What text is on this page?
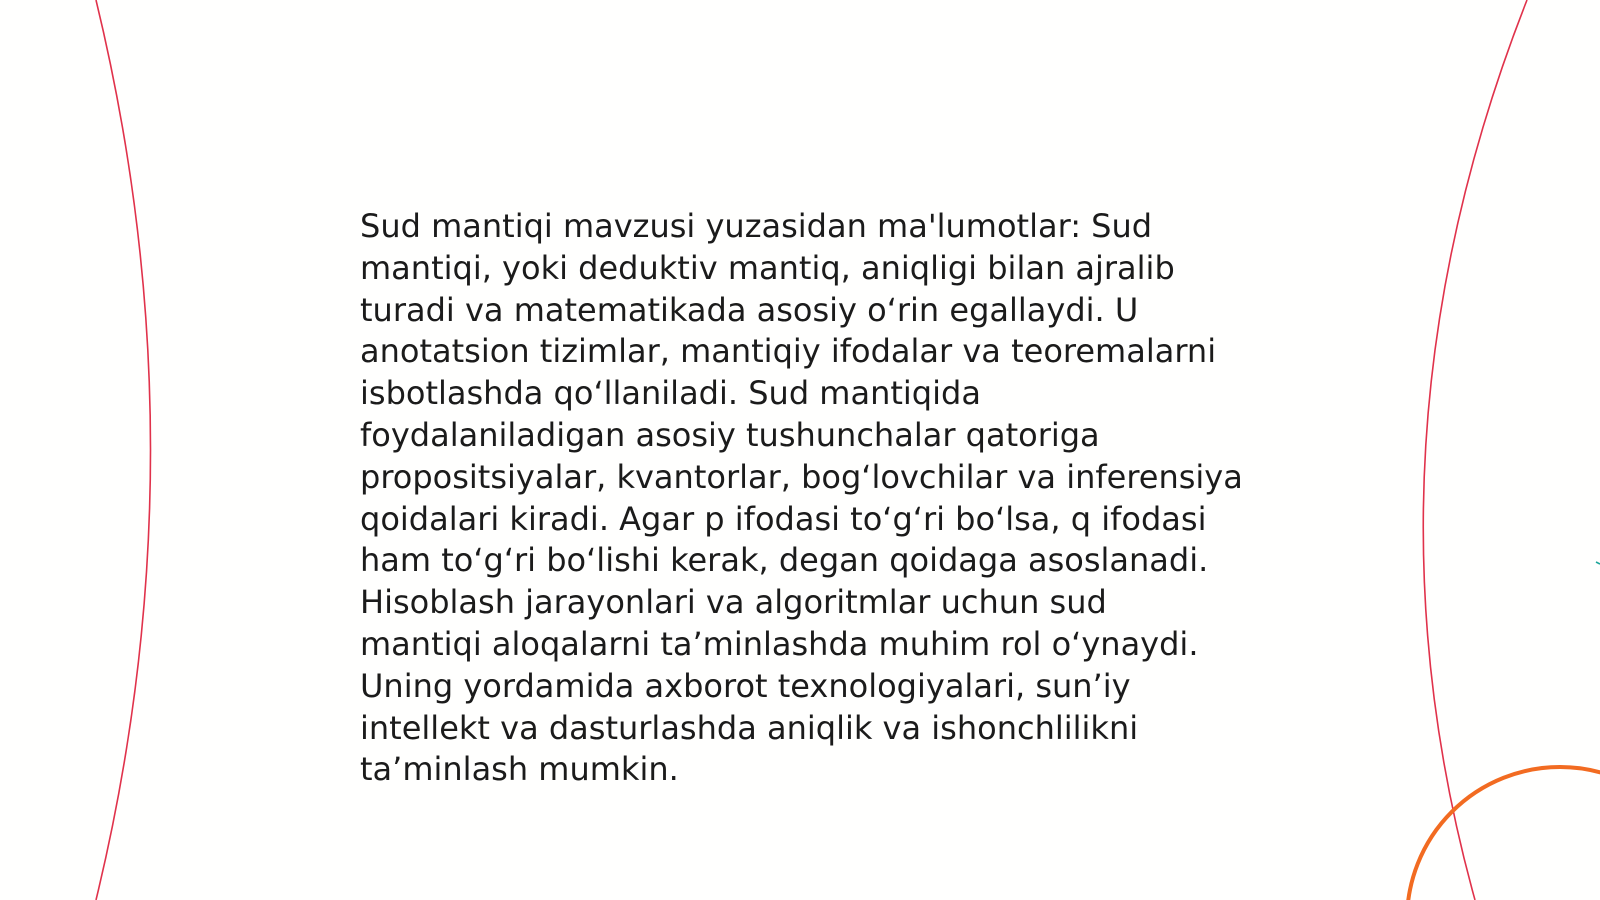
Sud mantiqi mavzusi yuzasidan ma'lumotlar: Sud
mantiqi, yoki deduktiv mantiq, aniqligi bilan ajralib
turadi va matematikada asosiy oʻrin egallaydi. U
anotatsion tizimlar, mantiqiy ifodalar va teoremalarni
isbotlashda qoʻllaniladi. Sud mantiqida
foydalaniladigan asosiy tushunchalar qatoriga
propositsiyalar, kvantorlar, bogʻlovchilar va inferensiya
qoidalari kiradi. Agar p ifodasi toʻgʻri boʻlsa, q ifodasi
ham toʻgʻri boʻlishi kerak, degan qoidaga asoslanadi.
Hisoblash jarayonlari va algoritmlar uchun sud
mantiqi aloqalarni taʼminlashda muhim rol oʻynaydi.
Uning yordamida axborot texnologiyalari, sunʼiy
intellekt va dasturlashda aniqlik va ishonchlilikni
taʼminlash mumkin.
